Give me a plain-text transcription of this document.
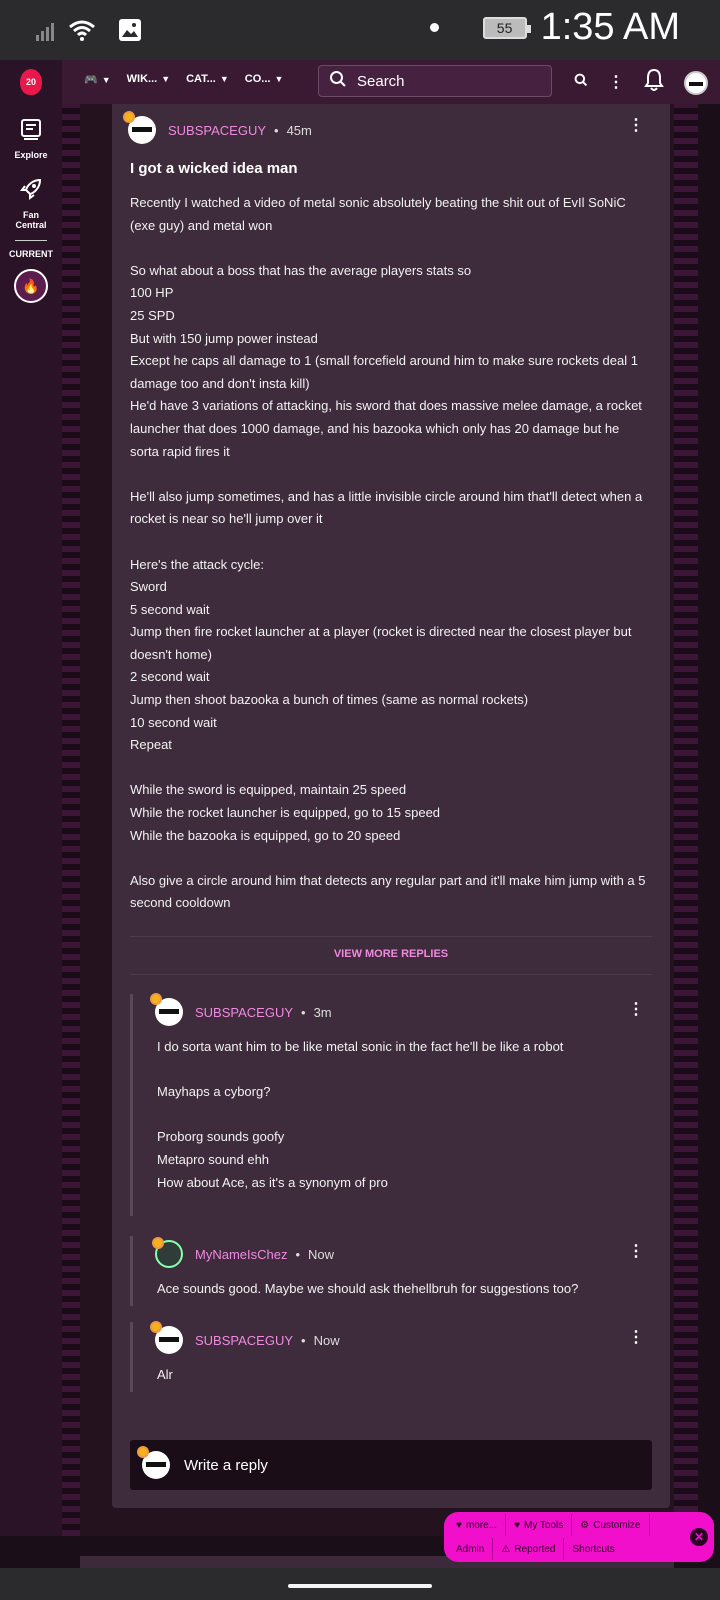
55 1:35 AM
20	🎮 ▼ WIK... ▼ CAT... ▼ CO... ▼	Search	⋮
Explore
Fan Central
CURRENT
🔥
SUBSPACEGUY • 45m	⋮
I got a wicked idea man
Recently I watched a video of metal sonic absolutely beating the shit out of EvIl SoNiC (exe guy) and metal won

So what about a boss that has the average players stats so
100 HP
25 SPD
But with 150 jump power instead
Except he caps all damage to 1 (small forcefield around him to make sure rockets deal 1 damage too and don't insta kill)
He'd have 3 variations of attacking, his sword that does massive melee damage, a rocket launcher that does 1000 damage, and his bazooka which only has 20 damage but he sorta rapid fires it

He'll also jump sometimes, and has a little invisible circle around him that'll detect when a rocket is near so he'll jump over it

Here's the attack cycle:
Sword
5 second wait
Jump then fire rocket launcher at a player (rocket is directed near the closest player but doesn't home)
2 second wait
Jump then shoot bazooka a bunch of times (same as normal rockets)
10 second wait
Repeat

While the sword is equipped, maintain 25 speed
While the rocket launcher is equipped, go to 15 speed
While the bazooka is equipped, go to 20 speed

Also give a circle around him that detects any regular part and it'll make him jump with a 5 second cooldown
VIEW MORE REPLIES
SUBSPACEGUY • 3m
I do sorta want him to be like metal sonic in the fact he'll be like a robot

Mayhaps a cyborg?

Proborg sounds goofy
Metapro sound ehh
How about Ace, as it's a synonym of pro
⋮
MyNameIsChez • Now
Ace sounds good. Maybe we should ask thehellbruh for suggestions too?
⋮
SUBSPACEGUY • Now
Alr
⋮
Write a reply
♥ more... ♥ My Tools ⚙ Customize
Admin ⚠ Reported Shortcuts
✕
